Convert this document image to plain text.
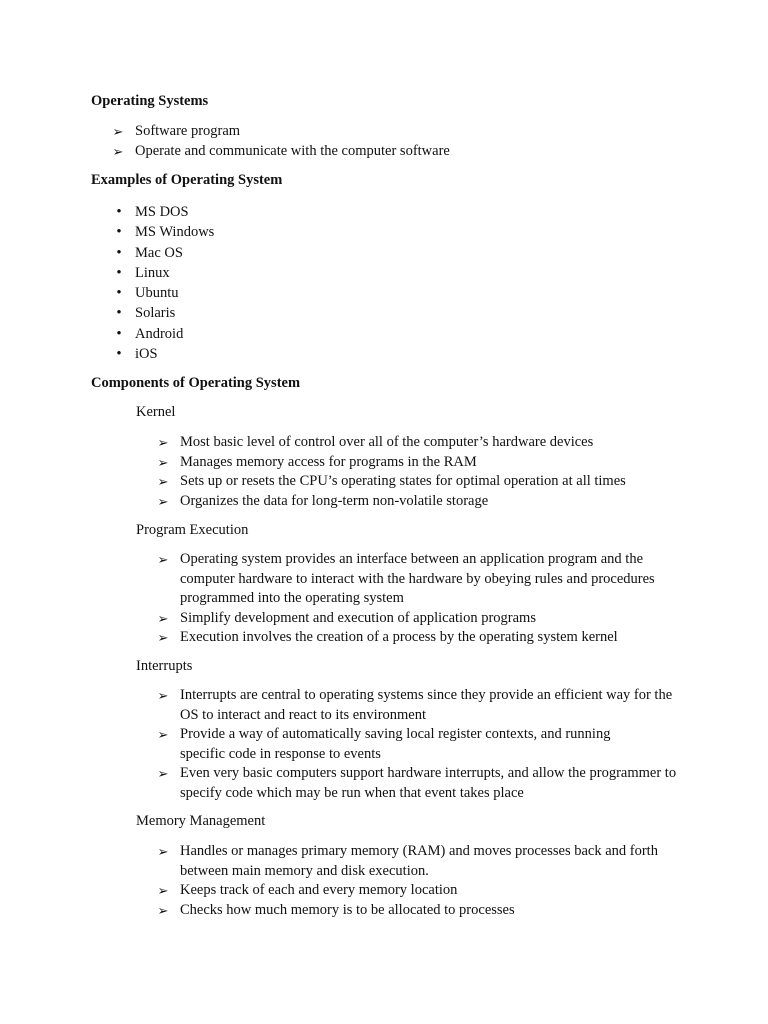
Operating Systems
➢ Software program
➢ Operate and communicate with the computer software
Examples of Operating System
• MS DOS
• MS Windows
• Mac OS
• Linux
• Ubuntu
• Solaris
• Android
• iOS
Components of Operating System
Kernel
➢ Most basic level of control over all of the computer’s hardware devices
➢ Manages memory access for programs in the RAM
➢ Sets up or resets the CPU’s operating states for optimal operation at all times
➢ Organizes the data for long-term non-volatile storage
Program Execution
➢ Operating system provides an interface between an application program and the computer hardware to interact with the hardware by obeying rules and procedures programmed into the operating system
➢ Simplify development and execution of application programs
➢ Execution involves the creation of a process by the operating system kernel
Interrupts
➢ Interrupts are central to operating systems since they provide an efficient way for the OS to interact and react to its environment
➢ Provide a way of automatically saving local register contexts, and running specific code in response to events
➢ Even very basic computers support hardware interrupts, and allow the programmer to specify code which may be run when that event takes place
Memory Management
➢ Handles or manages primary memory (RAM) and moves processes back and forth between main memory and disk execution.
➢ Keeps track of each and every memory location
➢ Checks how much memory is to be allocated to processes
